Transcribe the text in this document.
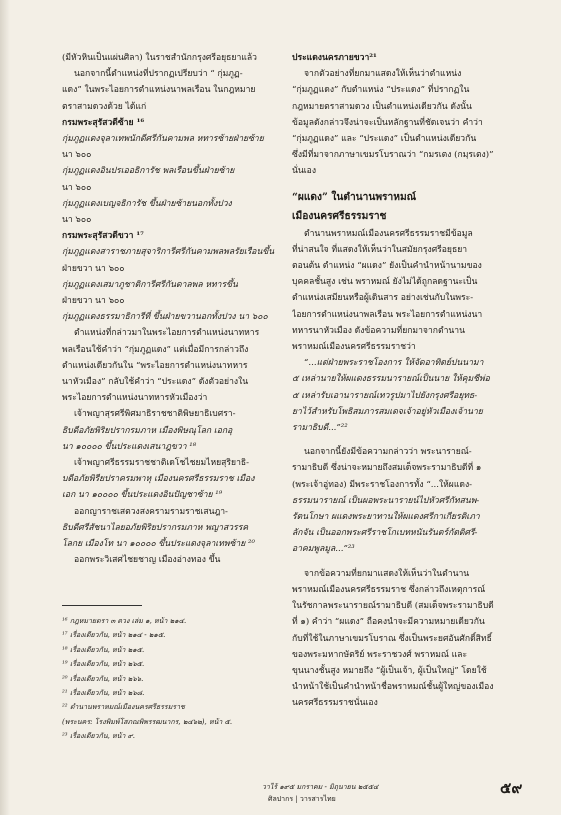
(มีหัวหินเป็นแผ่นศิลา) ในราชสำนักกรุงศรีอยุธยาแล้ว
นอกจากนี้ตำแหน่งที่ปรากฏเปรียบว่า “ กุ่มภูฏ-
แดง” ในพระไอยการตำแหน่งนาพลเรือน ในกฎหมาย
ตราสามดวงด้วย ได้แก่
กรมพระสุรัสวดีซ้าย ¹⁶
กุ่มภูฏแดงจุลาเทพนักดีศรีกันคามพล หทารซ้ายฝ่ายซ้าย
นา ๖๐๐
กุ่มภูฏแดงอินปรเออธิการัช พลเรือนขึ้นฝ่ายซ้าย
นา ๖๐๐
กุ่มภูฏแดงเบญจธิการัช ขึ้นฝ่ายซ้ายนอกทั้งปวง
นา ๖๐๐
กรมพระสุรัสวดีขวา ¹⁷
กุ่มภูฏแดงสาราชภายสุจาริการีศรีกันคามพลพลรัยเรือนขึ้น
ฝ่ายขวา นา ๖๐๐
กุ่มภูฏแดงเสมาภูชาติการีศรีกันดาลพล หทารขึ้น
ฝ่ายขวา นา ๖๐๐
กุ่มภูฏแดงธรรมาธิการีที่ ขึ้นฝ่ายขวานอกทั้งปวง นา ๖๐๐
ตำแหน่งที่กล่าวมาในพระไอยการตำแหน่งนาทหาร
พลเรือนใช้คำว่า “กุ่มภูฏแดง” แต่เมื่อมีการกล่าวถึง
ตำแหน่งเดียวกันใน “พระไอยการตำแหน่งนาทหาร
นาหัวเมือง” กลับใช้คำว่า “ประแดง” ดังตัวอย่างใน
พระไอยการตำแหน่งนาทหารหัวเมืองว่า
เจ้าพญาสุรศรีพิศมาธิราชชาติพิษยาธิเบศรา-
ธิบดีอภัยพิริยปรากรมภาห เมืองพิษณุโลก เอกอุ
นา ๑๐๐๐๐ ขึ้นประแดงเสนาฎขวา ¹⁸
เจ้าพญาศรีธรรมราชชาติเดโชไชยมไหยสุริยาธิ-
บดีอภัยพิรียปราครมพาหุ เมืองนครศรีธรรมราช เมือง
เอก นา ๑๐๐๐๐ ขึ้นประแดงอินปัญชาซ้าย ¹⁹
ออกญาราชเสตวงสงครามรามราชเสนฎา-
ธิบดีศรีสัชนาไลยอภัยพิริยปรากรมภาห พญาสวรรค
โลกย เมืองโท นา ๑๐๐๐๐ ขึ้นประแดงจุลาเทพซ้าย ²⁰
ออกพระวิเสศไชยชาญ เมืองอ่างทอง ขึ้น
ประแดงนครภายขวา²¹
จากตัวอย่างที่ยกมาแสดงให้เห็นว่าตำแหน่ง
“กุ่มภูฏแดง” กับตำแหน่ง “ประแดง” ที่ปรากฏใน
กฎหมายตราสามดวง เป็นตำแหน่งเดียวกัน ดังนั้น
ข้อมูลดังกล่าวจึงน่าจะเป็นหลักฐานที่ชัดเจนว่า คำว่า
“กุ่มภูฏแดง” และ “ประแดง” เป็นตำแหน่งเดียวกัน
ซึ่งมีที่มาจากภาษาเขมรโบราณว่า “กมรเตง (กมฺรเตง)”
นั่นเอง
“ผแดง” ในตำนานพราหมณ์
เมืองนครศรีธรรมราช
ตำนานพราหมณ์เมืองนครศรีธรรมราชมีข้อมูล
ที่น่าสนใจ ที่แสดงให้เห็นว่าในสมัยกรุงศรีอยุธยา
ตอนต้น ตำแหน่ง “ผแดง” ยังเป็นคำนำหน้านามของ
บุคคลชั้นสูง เช่น พราหมณ์ ยังไม่ได้ถูกลดฐานะเป็น
ตำแหน่งเสมียนหรือผู้เดินสาร อย่างเช่นกับในพระ-
ไอยการตำแหน่งนาพลเรือน พระไอยการตำแหน่งนา
ทหารนาหัวเมือง ดังข้อความที่ยกมาจากตำนาน
พราหมณ์เมืองนครศรีธรรมราชว่า
“...แต่ฝ่ายพระราชโองการ ให้จัดอาทิตย์ปนนามา
๕ เหล่านายให้ผแดงธรรมนารายณ์เป็นนาย ให้คุมชีพ่อ
๕ เหล่ารับเอานารายณ์เทวรูปมาไปยังกรุงศรีอยุทธ-
ยาไว้สำหรับโพธิสมภารสมเดจเจ้าอยู่หัวเมืองเจ้านาย
รามาธิบดี...”²²
นอกจากนี้ยังมีข้อความกล่าวว่า พระนารายณ์-
รามาธิบดี ซึ่งน่าจะหมายถึงสมเด็จพระรามาธิบดีที่ ๑
(พระเจ้าอู่ทอง) มีพระราชโองการทั้ง “...ให้ผแดง-
ธรรมนารายณ์ เป็นผอพระนารายน์ไปหัวศรีกัทสนพ-
รัตนโกษา ผแดงพระยาทานให้ผแดงศรีกาเกียรติเภา
ลักจัน เป็นออกพระศรีราชโกเบทหนันรันตร์กัตติศรี-
อาคมพูลมูล...”²³
จากข้อความที่ยกมาแสดงให้เห็นว่าในตำนาน
พราหมณ์เมืองนครศรีธรรมราช ซึ่งกล่าวถึงเหตุการณ์
ในรัชกาลพระนารายณ์รามาธิบดี (สมเด็จพระรามาธิบดี
ที่ ๑) คำว่า “ผแดง” ถือคงนำจะมีความหมายเดียวกัน
กับที่ใช้ในภาษาเขมรโบราณ ซึ่งเป็นพระยศอันศักดิ์สิทธิ์
ของพระมหากษัตริย์ พระราชวงศ์ พราหมณ์ และ
ขุนนางชั้นสูง หมายถึง “ผู้เป็นเจ้า, ผู้เป็นใหญ่” โดยใช้
นำหน้าใช้เป็นคำนำหน้าชื่อพราหมณ์ชั้นผู้ใหญ่ของเมือง
นครศรีธรรมราชนั่นเอง
¹⁶ กฎหมายตรา ๓ ดวง เล่ม ๑, หน้า ๒๑๔.
¹⁷ เรื่องเดียวกัน, หน้า ๒๑๔ - ๒๑๕.
¹⁸ เรื่องเดียวกัน, หน้า ๒๑๕.
¹⁹ เรื่องเดียวกัน, หน้า ๒๖๕.
²⁰ เรื่องเดียวกัน, หน้า ๒๖๖.
²¹ เรื่องเดียวกัน, หน้า ๒๖๘.
²² ตำนานพราหมณ์เมืองนครศรีธรรมราช
(พระนคร: โรงพิมพ์โสภณพิพรรฒนากร, ๒๔๖๒), หน้า ๕.
²³ เรื่องเดียวกัน, หน้า ๙.
วาไร้ ๑๙๕ มกราคม - มิถุนายน ๒๕๕๔
ศิลปากร | วารสารไทย
๕๙
